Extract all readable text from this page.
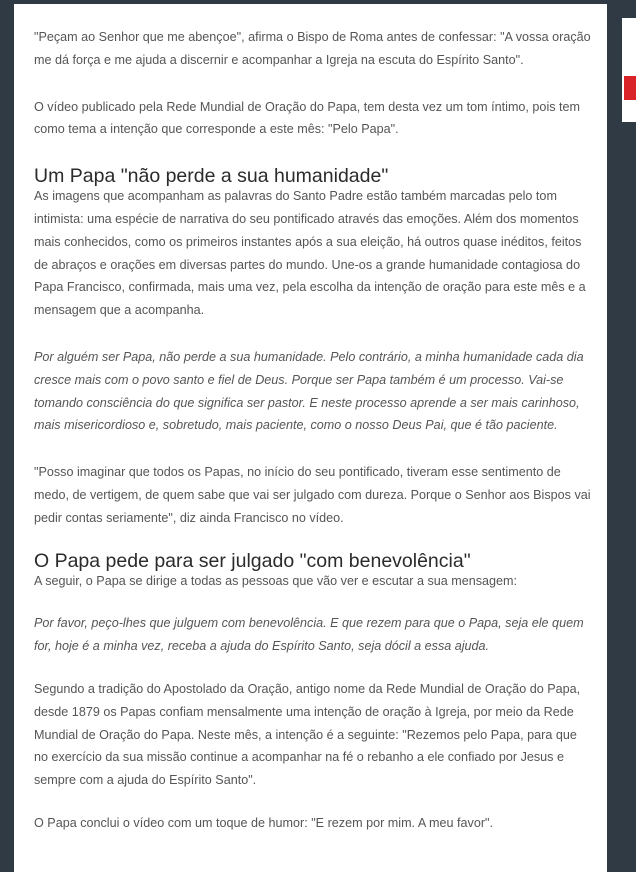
"Peçam ao Senhor que me abençoe", afirma o Bispo de Roma antes de confessar: "A vossa oração me dá força e me ajuda a discernir e acompanhar a Igreja na escuta do Espírito Santo".

O vídeo publicado pela Rede Mundial de Oração do Papa, tem desta vez um tom íntimo, pois tem como tema a intenção que corresponde a este mês: "Pelo Papa".

Um Papa "não perde a sua humanidade"

As imagens que acompanham as palavras do Santo Padre estão também marcadas pelo tom intimista: uma espécie de narrativa do seu pontificado através das emoções. Além dos momentos mais conhecidos, como os primeiros instantes após a sua eleição, há outros quase inéditos, feitos de abraços e orações em diversas partes do mundo. Une-os a grande humanidade contagiosa do Papa Francisco, confirmada, mais uma vez, pela escolha da intenção de oração para este mês e a mensagem que a acompanha.

Por alguém ser Papa, não perde a sua humanidade. Pelo contrário, a minha humanidade cada dia cresce mais com o povo santo e fiel de Deus. Porque ser Papa também é um processo. Vai-se tomando consciência do que significa ser pastor. E neste processo aprende a ser mais carinhoso, mais misericordioso e, sobretudo, mais paciente, como o nosso Deus Pai, que é tão paciente.

"Posso imaginar que todos os Papas, no início do seu pontificado, tiveram esse sentimento de medo, de vertigem, de quem sabe que vai ser julgado com dureza. Porque o Senhor aos Bispos vai pedir contas seriamente", diz ainda Francisco no vídeo.

O Papa pede para ser julgado "com benevolência"

A seguir, o Papa se dirige a todas as pessoas que vão ver e escutar a sua mensagem:

Por favor, peço-lhes que julguem com benevolência. E que rezem para que o Papa, seja ele quem for, hoje é a minha vez, receba a ajuda do Espírito Santo, seja dócil a essa ajuda.

Segundo a tradição do Apostolado da Oração, antigo nome da Rede Mundial de Oração do Papa, desde 1879 os Papas confiam mensalmente uma intenção de oração à Igreja, por meio da Rede Mundial de Oração do Papa. Neste mês, a intenção é a seguinte: "Rezemos pelo Papa, para que no exercício da sua missão continue a acompanhar na fé o rebanho a ele confiado por Jesus e sempre com a ajuda do Espírito Santo".

O Papa conclui o vídeo com um toque de humor: "E rezem por mim. A meu favor".
